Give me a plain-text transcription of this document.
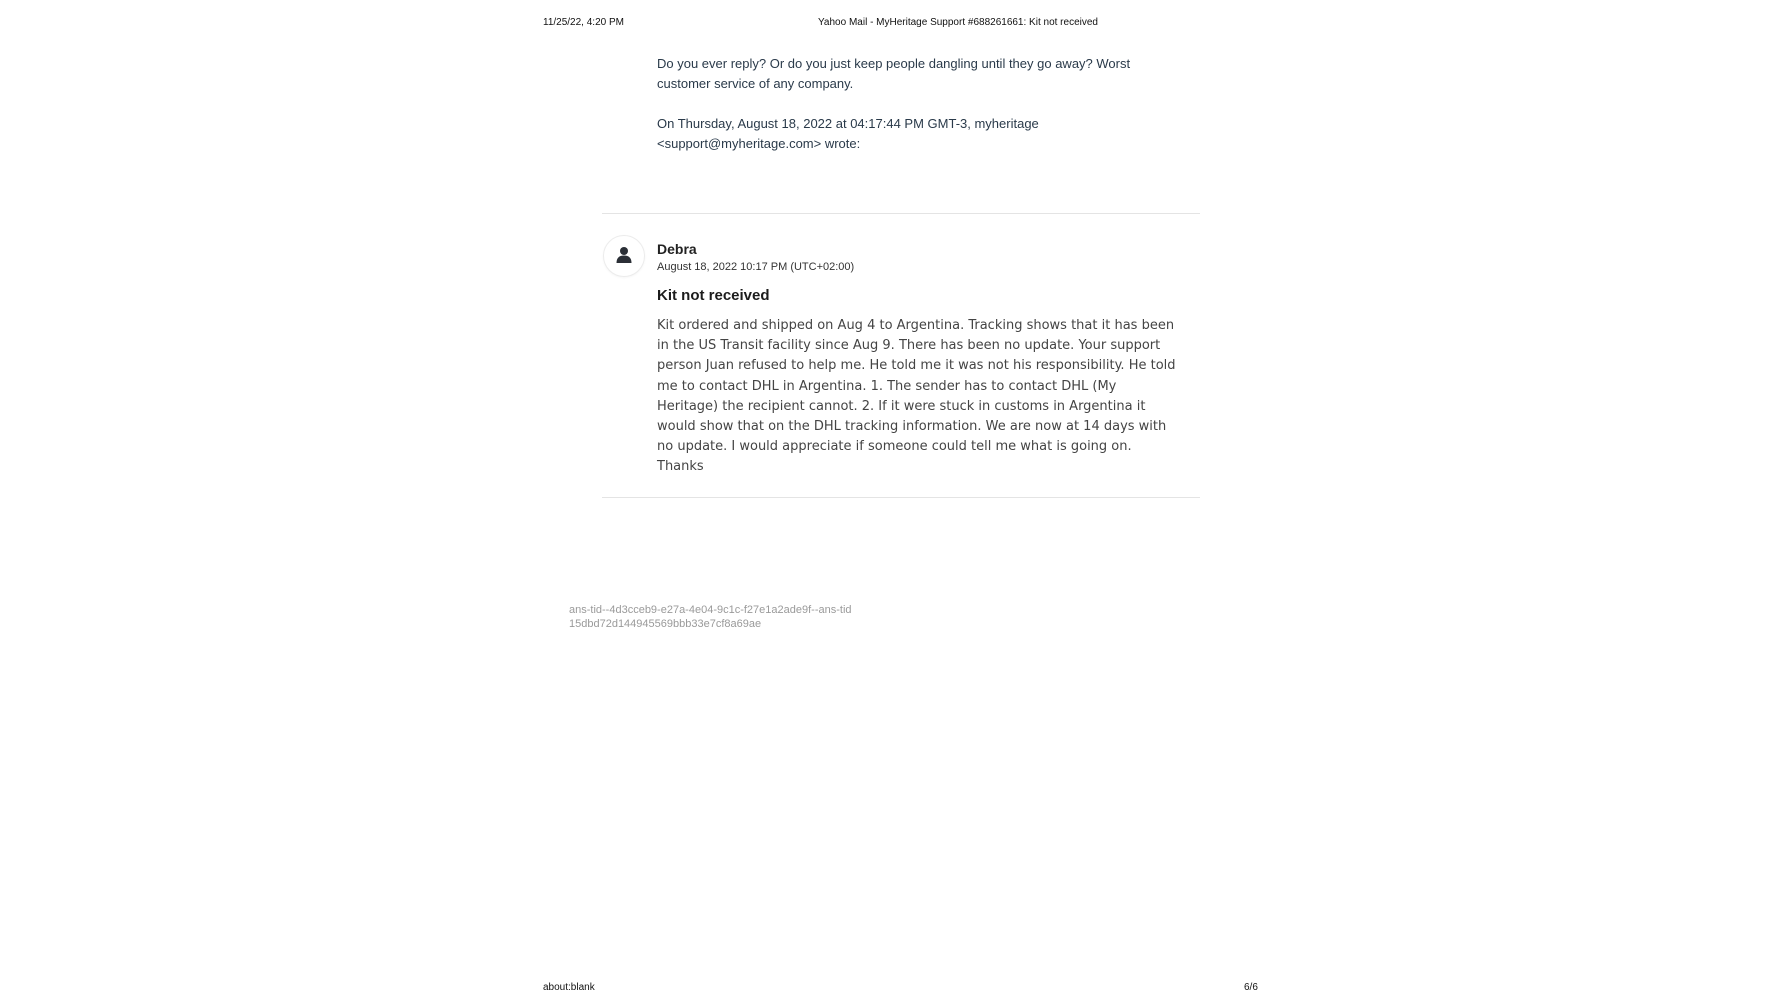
11/25/22, 4:20 PM	Yahoo Mail - MyHeritage Support #688261661: Kit not received

Do you ever reply? Or do you just keep people dangling until they go away? Worst customer service of any company.

On Thursday, August 18, 2022 at 04:17:44 PM GMT-3, myheritage <support@myheritage.com> wrote:

Debra
August 18, 2022 10:17 PM (UTC+02:00)
Kit not received

Kit ordered and shipped on Aug 4 to Argentina. Tracking shows that it has been in the US Transit facility since Aug 9. There has been no update. Your support person Juan refused to help me. He told me it was not his responsibility. He told me to contact DHL in Argentina. 1. The sender has to contact DHL (My Heritage) the recipient cannot. 2. If it were stuck in customs in Argentina it would show that on the DHL tracking information. We are now at 14 days with no update. I would appreciate if someone could tell me what is going on. Thanks

ans-tid--4d3cceb9-e27a-4e04-9c1c-f27e1a2ade9f--ans-tid
15dbd72d144945569bbb33e7cf8a69ae
about:blank	6/6
